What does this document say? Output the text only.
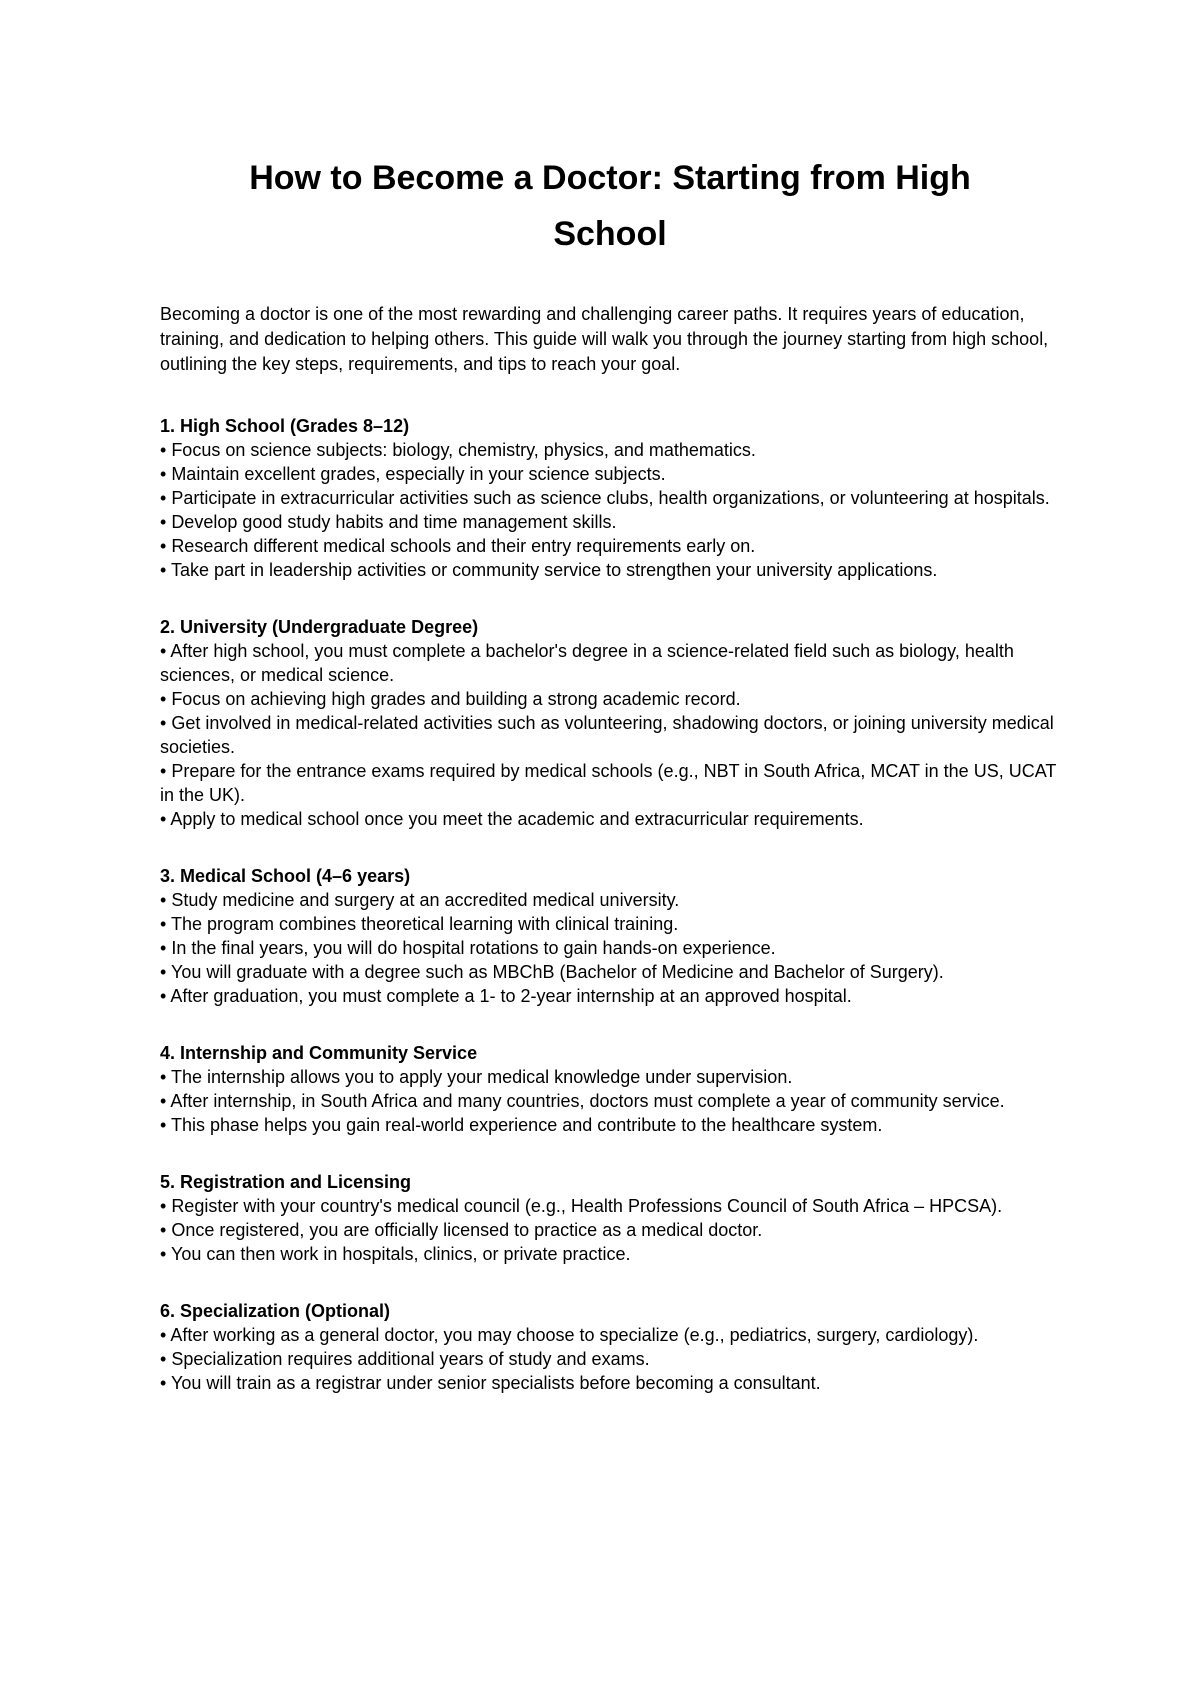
How to Become a Doctor: Starting from High School

Becoming a doctor is one of the most rewarding and challenging career paths. It requires years of education, training, and dedication to helping others. This guide will walk you through the journey starting from high school, outlining the key steps, requirements, and tips to reach your goal.

1. High School (Grades 8–12)

• Focus on science subjects: biology, chemistry, physics, and mathematics.

• Maintain excellent grades, especially in your science subjects.

• Participate in extracurricular activities such as science clubs, health organizations, or volunteering at hospitals.

• Develop good study habits and time management skills.

• Research different medical schools and their entry requirements early on.

• Take part in leadership activities or community service to strengthen your university applications.

2. University (Undergraduate Degree)

• After high school, you must complete a bachelor's degree in a science-related field such as biology, health sciences, or medical science.

• Focus on achieving high grades and building a strong academic record.

• Get involved in medical-related activities such as volunteering, shadowing doctors, or joining university medical societies.

• Prepare for the entrance exams required by medical schools (e.g., NBT in South Africa, MCAT in the US, UCAT in the UK).

• Apply to medical school once you meet the academic and extracurricular requirements.

3. Medical School (4–6 years)

• Study medicine and surgery at an accredited medical university.

• The program combines theoretical learning with clinical training.

• In the final years, you will do hospital rotations to gain hands-on experience.

• You will graduate with a degree such as MBChB (Bachelor of Medicine and Bachelor of Surgery).

• After graduation, you must complete a 1- to 2-year internship at an approved hospital.

4. Internship and Community Service

• The internship allows you to apply your medical knowledge under supervision.

• After internship, in South Africa and many countries, doctors must complete a year of community service.

• This phase helps you gain real-world experience and contribute to the healthcare system.

5. Registration and Licensing

• Register with your country's medical council (e.g., Health Professions Council of South Africa – HPCSA).

• Once registered, you are officially licensed to practice as a medical doctor.

• You can then work in hospitals, clinics, or private practice.

6. Specialization (Optional)

• After working as a general doctor, you may choose to specialize (e.g., pediatrics, surgery, cardiology).

• Specialization requires additional years of study and exams.

• You will train as a registrar under senior specialists before becoming a consultant.
